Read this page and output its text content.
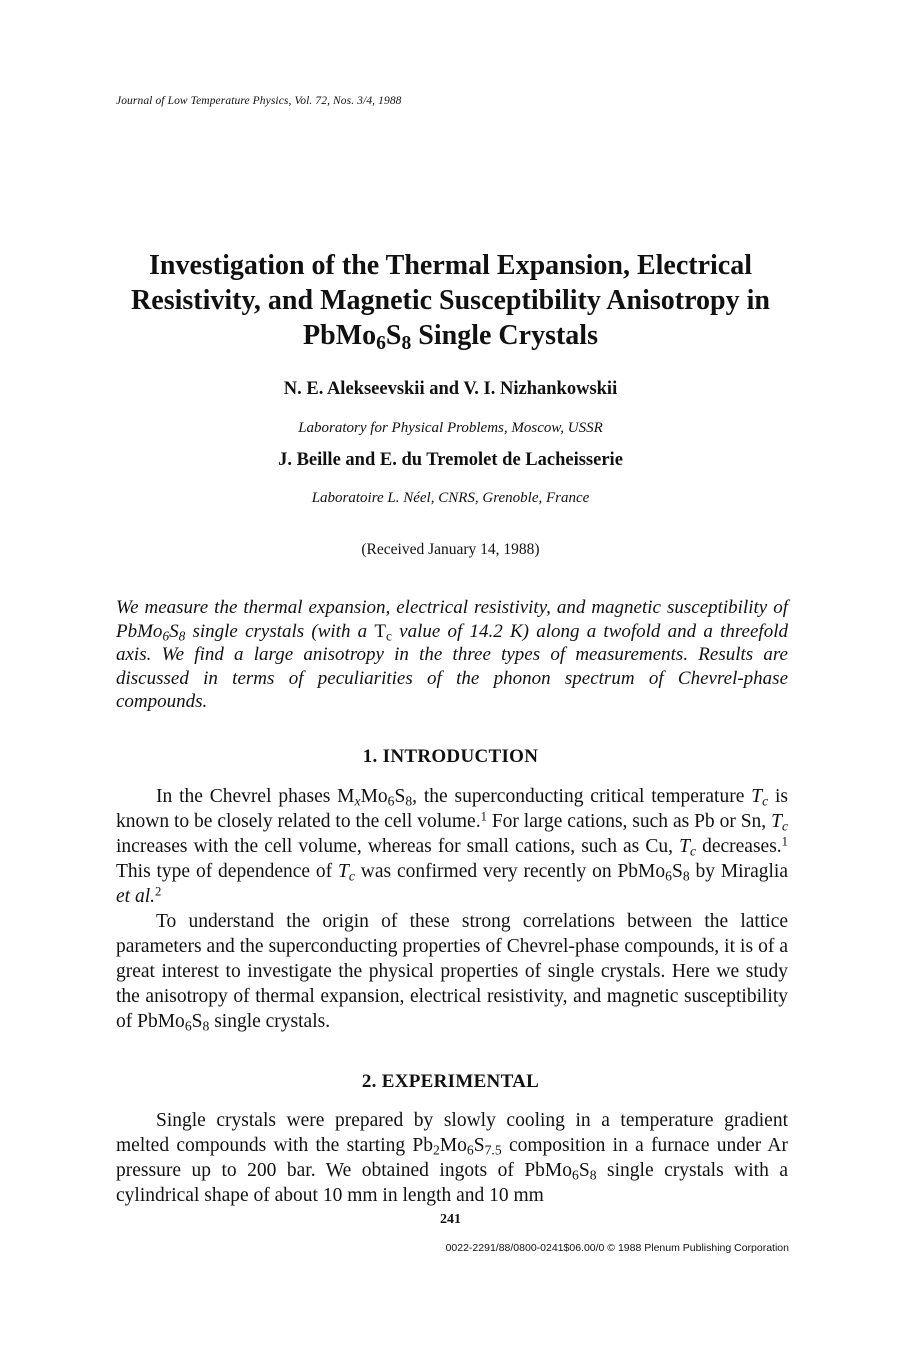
Journal of Low Temperature Physics, Vol. 72, Nos. 3/4, 1988
Investigation of the Thermal Expansion, Electrical
Resistivity, and Magnetic Susceptibility Anisotropy in
$PbMo_6S_8$ Single Crystals
N. E. Alekseevskii and V. I. Nizhankowskii
Laboratory for Physical Problems, Moscow, USSR
J. Beille and E. du Tremolet de Lacheisserie
Laboratoire L. Néel, CNRS, Grenoble, France
(Received January 14, 1988)
We measure the thermal expansion, electrical resistivity, and magnetic susceptibility of $PbMo_6S_8$ single crystals (with a $T_c$ value of 14.2 K) along a twofold and a threefold axis. We find a large anisotropy in the three types of measurements. Results are discussed in terms of peculiarities of the phonon spectrum of Chevrel-phase compounds.
1. INTRODUCTION

In the Chevrel phases $M_xMo_6S_8$, the superconducting critical temperature $T_c$ is known to be closely related to the cell volume.$^1$ For large cations, such as Pb or Sn, $T_c$ increases with the cell volume, whereas for small cations, such as Cu, $T_c$ decreases.$^1$ This type of dependence of $T_c$ was confirmed very recently on $PbMo_6S_8$ by Miraglia et al.$^2$

To understand the origin of these strong correlations between the lattice parameters and the superconducting properties of Chevrel-phase compounds, it is of a great interest to investigate the physical properties of single crystals. Here we study the anisotropy of thermal expansion, electrical resistivity, and magnetic susceptibility of $PbMo_6S_8$ single crystals.

2. EXPERIMENTAL

Single crystals were prepared by slowly cooling in a temperature gradient melted compounds with the starting $Pb_2Mo_6S_{7.5}$ composition in a furnace under Ar pressure up to 200 bar. We obtained ingots of $PbMo_6S_8$ single crystals with a cylindrical shape of about 10 mm in length and 10 mm

241
0022-2291/88/0800-0241$06.00/0 © 1988 Plenum Publishing Corporation
